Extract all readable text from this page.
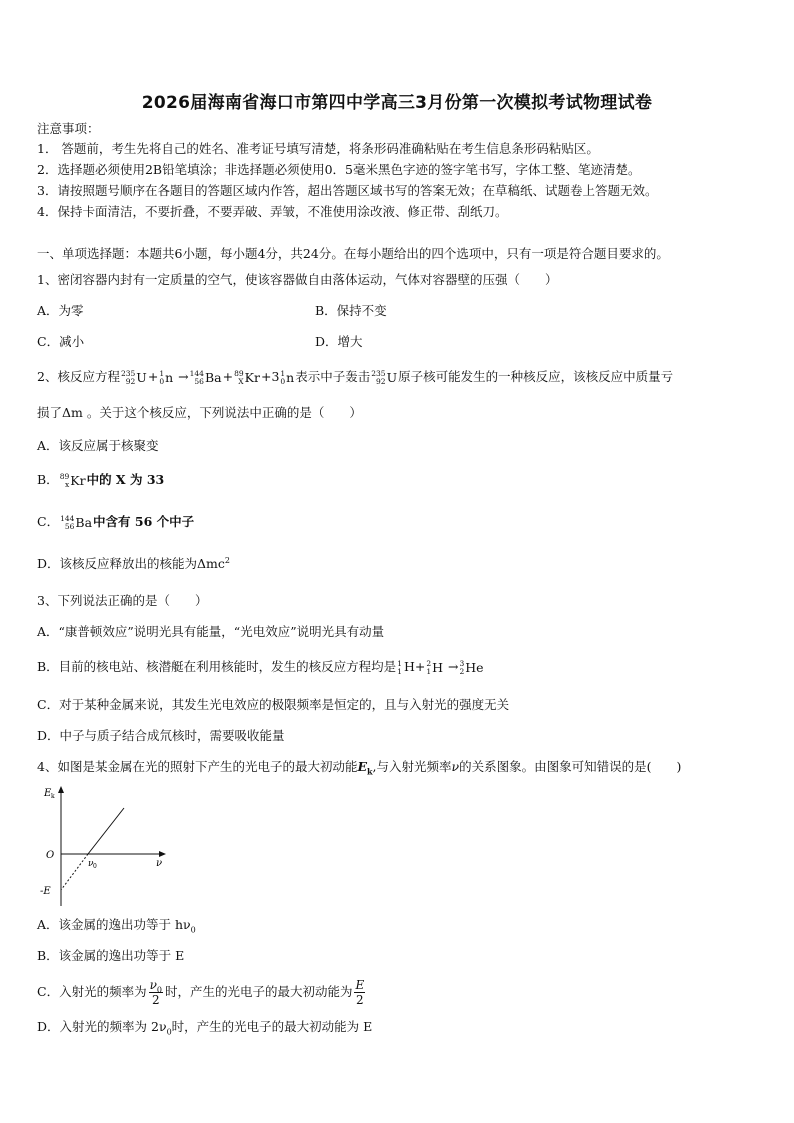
2026届海南省海口市第四中学高三3月份第一次模拟考试物理试卷
注意事项：
1． 答题前，考生先将自己的姓名、准考证号填写清楚，将条形码准确粘贴在考生信息条形码粘贴区。
2．选择题必须使用2B铅笔填涂；非选择题必须使用0．5毫米黑色字迹的签字笔书写，字体工整、笔迹清楚。
3．请按照题号顺序在各题目的答题区域内作答，超出答题区域书写的答案无效；在草稿纸、试题卷上答题无效。
4．保持卡面清洁，不要折叠，不要弄破、弄皱，不准使用涂改液、修正带、刮纸刀。
一、单项选择题：本题共6小题，每小题4分，共24分。在每小题给出的四个选项中，只有一项是符合题目要求的。
1、密闭容器内封有一定质量的空气，使该容器做自由落体运动，气体对容器壁的压强（　　）
A．为零	B．保持不变
C．减小	D．增大
2、核反应方程 235
92 U + 1
0 n → 144
56 Ba + 89
X Kr +3 1
0 n 表示中子轰击 235
92 U 原子核可能发生的一种核反应，该核反应中质量亏
损了Δm 。关于这个核反应，下列说法中正确的是（　　）
A．该反应属于核聚变
B． 89
x Kr 中的 X 为 33
C． 144
56 Ba 中含有 56 个中子
D．该核反应释放出的核能为Δmc$^2$
3、下列说法正确的是（　　）
A．“康普顿效应”说明光具有能量，“光电效应”说明光具有动量
B．目前的核电站、核潜艇在利用核能时，发生的核反应方程均是 1
1 H+ 2
1 H → 3
2 He
C．对于某种金属来说，其发生光电效应的极限频率是恒定的，且与入射光的强度无关
D．中子与质子结合成氘核时，需要吸收能量
4、如图是某金属在光的照射下产生的光电子的最大初动能$E_k$,与入射光频率ν的关系图象。由图象可知错误的是(　　)
E k
O
ν 0	ν
-E
A．该金属的逸出功等于 $h\nu_0$
B．该金属的逸出功等于 E
C．入射光的频率为 $\frac{\nu_0}{2}$ 时，产生的光电子的最大初动能为 $\frac{E}{2}$
D．入射光的频率为 $2\nu_0$时，产生的光电子的最大初动能为 E
